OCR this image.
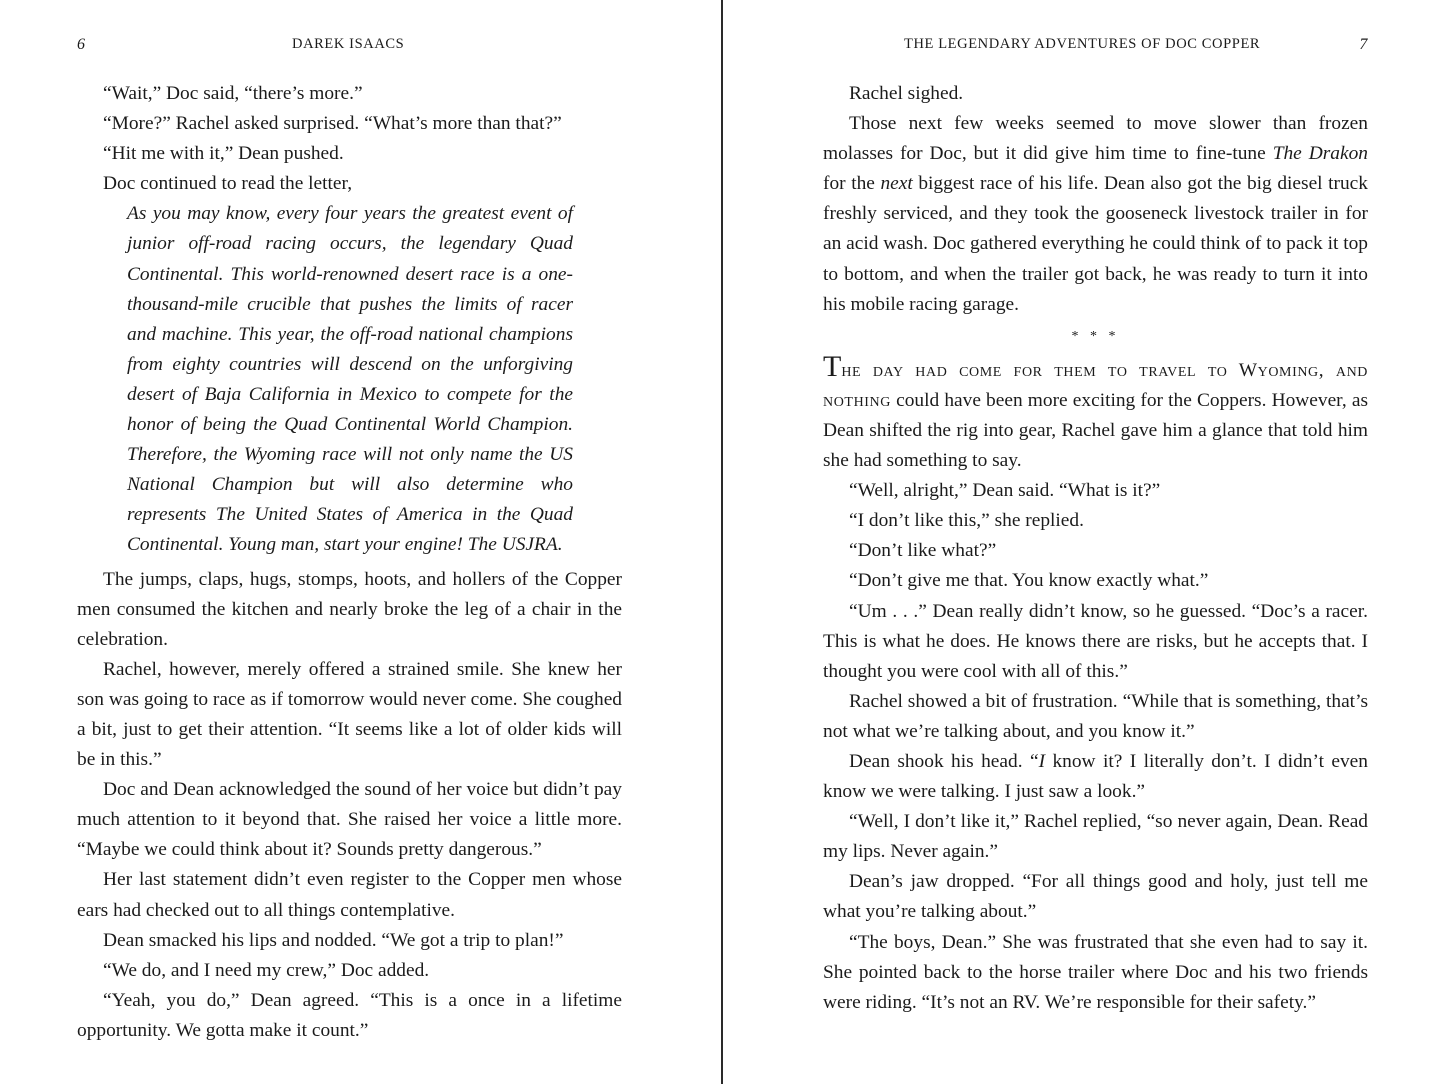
6	DAREK ISAACS

“Wait,” Doc said, “there’s more.”

“More?” Rachel asked surprised. “What’s more than that?”

“Hit me with it,” Dean pushed.

Doc continued to read the letter,

As you may know, every four years the greatest event of junior off-road racing occurs, the legendary Quad Continental. This world-renowned desert race is a one-thousand-mile crucible that pushes the limits of racer and machine. This year, the off-road national champions from eighty countries will descend on the unforgiving desert of Baja California in Mexico to compete for the honor of being the Quad Continental World Champion. Therefore, the Wyoming race will not only name the US National Champion but will also determine who represents The United States of America in the Quad Continental. Young man, start your engine! The USJRA.

The jumps, claps, hugs, stomps, hoots, and hollers of the Copper men consumed the kitchen and nearly broke the leg of a chair in the celebration.

Rachel, however, merely offered a strained smile. She knew her son was going to race as if tomorrow would never come. She coughed a bit, just to get their attention. “It seems like a lot of older kids will be in this.”

Doc and Dean acknowledged the sound of her voice but didn’t pay much attention to it beyond that. She raised her voice a little more. “Maybe we could think about it? Sounds pretty dangerous.”

Her last statement didn’t even register to the Copper men whose ears had checked out to all things contemplative.

Dean smacked his lips and nodded. “We got a trip to plan!”

“We do, and I need my crew,” Doc added.

“Yeah, you do,” Dean agreed. “This is a once in a lifetime opportunity. We gotta make it count.”

THE LEGENDARY ADVENTURES OF DOC COPPER	7

Rachel sighed.

Those next few weeks seemed to move slower than frozen molasses for Doc, but it did give him time to fine-tune The Drakon for the next biggest race of his life. Dean also got the big diesel truck freshly serviced, and they took the gooseneck livestock trailer in for an acid wash. Doc gathered everything he could think of to pack it top to bottom, and when the trailer got back, he was ready to turn it into his mobile racing garage.

* * *

The day had come for them to travel to Wyoming, and nothing could have been more exciting for the Coppers. However, as Dean shifted the rig into gear, Rachel gave him a glance that told him she had something to say.

“Well, alright,” Dean said. “What is it?”

“I don’t like this,” she replied.

“Don’t like what?”

“Don’t give me that. You know exactly what.”

“Um . . .” Dean really didn’t know, so he guessed. “Doc’s a racer. This is what he does. He knows there are risks, but he accepts that. I thought you were cool with all of this.”

Rachel showed a bit of frustration. “While that is something, that’s not what we’re talking about, and you know it.”

Dean shook his head. “I know it? I literally don’t. I didn’t even know we were talking. I just saw a look.”

“Well, I don’t like it,” Rachel replied, “so never again, Dean. Read my lips. Never again.”

Dean’s jaw dropped. “For all things good and holy, just tell me what you’re talking about.”

“The boys, Dean.” She was frustrated that she even had to say it. She pointed back to the horse trailer where Doc and his two friends were riding. “It’s not an RV. We’re responsible for their safety.”
